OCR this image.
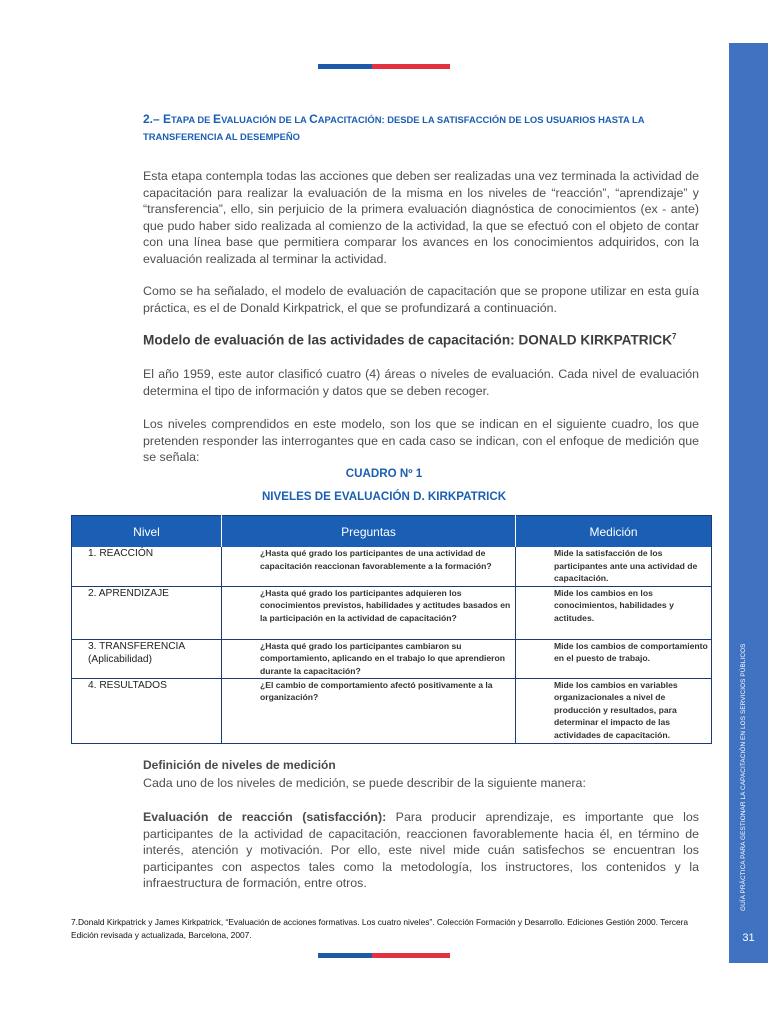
GUÍA PRÁCTICA PARA GESTIONAR LA CAPACITACIÓN EN LOS SERVICIOS PÚBLICOS
31
2.– ETAPA DE EVALUACIÓN DE LA CAPACITACIÓN: DESDE LA SATISFACCIÓN DE LOS USUARIOS HASTA LA TRANSFERENCIA AL DESEMPEÑO

Esta etapa contempla todas las acciones que deben ser realizadas una vez terminada la actividad de capacitación para realizar la evaluación de la misma en los niveles de “reacción”, “aprendizaje” y “transferencia”, ello, sin perjuicio de la primera evaluación diagnóstica de conocimientos (ex - ante) que pudo haber sido realizada al comienzo de la actividad, la que se efectuó con el objeto de contar con una línea base que permitiera comparar los avances en los conocimientos adquiridos, con la evaluación realizada al terminar la actividad.

Como se ha señalado, el modelo de evaluación de capacitación que se propone utilizar en esta guía práctica, es el de Donald Kirkpatrick, el que se profundizará a continuación.

Modelo de evaluación de las actividades de capacitación: DONALD KIRKPATRICK$^7$

El año 1959, este autor clasificó cuatro (4) áreas o niveles de evaluación. Cada nivel de evaluación determina el tipo de información y datos que se deben recoger.

Los niveles comprendidos en este modelo, son los que se indican en el siguiente cuadro, los que pretenden responder las interrogantes que en cada caso se indican, con el enfoque de medición que se señala:

CUADRO Nº 1
NIVELES DE EVALUACIÓN D. KIRKPATRICK
Nivel	Preguntas	Medición

1. REACCIÓN	¿Hasta qué grado los participantes de una actividad de capacitación reaccionan favorablemente a la formación?	Mide la satisfacción de los participantes ante una actividad de capacitación.

2. APRENDIZAJE	¿Hasta qué grado los participantes adquieren los conocimientos previstos, habilidades y actitudes basados en la participación en la actividad de capacitación?	Mide los cambios en los conocimientos, habilidades y actitudes.

3. TRANSFERENCIA
(Aplicabilidad)	¿Hasta qué grado los participantes cambiaron su comportamiento, aplicando en el trabajo lo que aprendieron durante la capacitación?	Mide los cambios de comportamiento en el puesto de trabajo.

4. RESULTADOS	¿El cambio de comportamiento afectó positivamente a la organización?	Mide los cambios en variables organizacionales a nivel de producción y resultados, para determinar el impacto de las actividades de capacitación.
Definición de niveles de medición
Cada uno de los niveles de medición, se puede describir de la siguiente manera:

Evaluación de reacción (satisfacción): Para producir aprendizaje, es importante que los participantes de la actividad de capacitación, reaccionen favorablemente hacia él, en término de interés, atención y motivación. Por ello, este nivel mide cuán satisfechos se encuentran los participantes con aspectos tales como la metodología, los instructores, los contenidos y la infraestructura de formación, entre otros.

7.Donald Kirkpatrick y James Kirkpatrick, “Evaluación de acciones formativas. Los cuatro niveles”. Colección Formación y Desarrollo. Ediciones Gestión 2000. Tercera Edición revisada y actualizada, Barcelona, 2007.
